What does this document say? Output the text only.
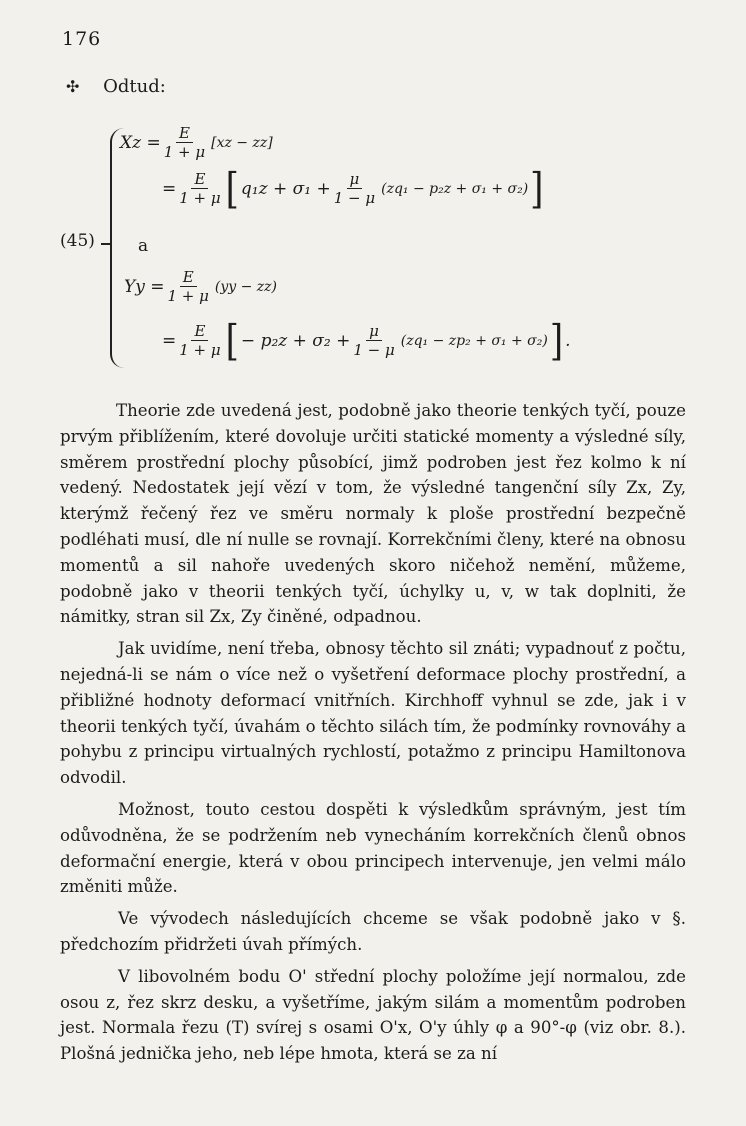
176
✣ Odtud:
(45)
$Xz = \frac{E}{1 + \mu} [xz - zz]$
= $\frac{E}{1 + \mu}$ [ $q_1z + \sigma_1 + \frac{\mu}{1 - \mu} (zq_1 - p_2z + \sigma_1 + \sigma_2)$ ]
a
$Yy = \frac{E}{1 + \mu} (yy - zz)$
= $\frac{E}{1 + \mu}$ [ − $p_2z + \sigma_2 + \frac{\mu}{1 - \mu} (zq_1 - zp_2 + \sigma_1 + \sigma_2)$ ] .

Theorie zde uvedená jest, podobně jako theorie tenkých tyčí, pouze prvým přiblížením, které dovoluje určiti statické momenty a výsledné síly, směrem prostřední plochy působící, jimž podroben jest řez kolmo k ní vedený. Nedostatek její vězí v tom, že výsledné tangenční síly Zx, Zy, kterýmž řečený řez ve směru normaly k ploše prostřední bezpečně podléhati musí, dle ní nulle se rovnají. Korrekčními členy, které na obnosu momentů a sil nahoře uvedených skoro ničehož nemění, můžeme, podobně jako v theorii tenkých tyčí, úchylky u, v, w tak doplniti, že námitky, stran sil Zx, Zy činěné, odpadnou.

Jak uvidíme, není třeba, obnosy těchto sil znáti; vypadnouť z počtu, nejedná-li se nám o více než o vyšetření deformace plochy prostřední, a přibližné hodnoty deformací vnitřních. Kirchhoff vyhnul se zde, jak i v theorii tenkých tyčí, úvahám o těchto silách tím, že podmínky rovnováhy a pohybu z principu virtualných rychlostí, potažmo z principu Hamiltonova odvodil.

Možnost, touto cestou dospěti k výsledkům správným, jest tím odůvodněna, že se podržením neb vynecháním korrekčních členů obnos deformační energie, která v obou principech intervenuje, jen velmi málo změniti může.

Ve vývodech následujících chceme se však podobně jako v §. předchozím přidržeti úvah přímých.

V libovolném bodu O' střední plochy položíme její normalou, zde osou z, řez skrz desku, a vyšetříme, jakým silám a momentům podroben jest. Normala řezu (T) svírej s osami O'x, O'y úhly φ a 90°-φ (viz obr. 8.). Plošná jednička jeho, neb lépe hmota, která se za ní
